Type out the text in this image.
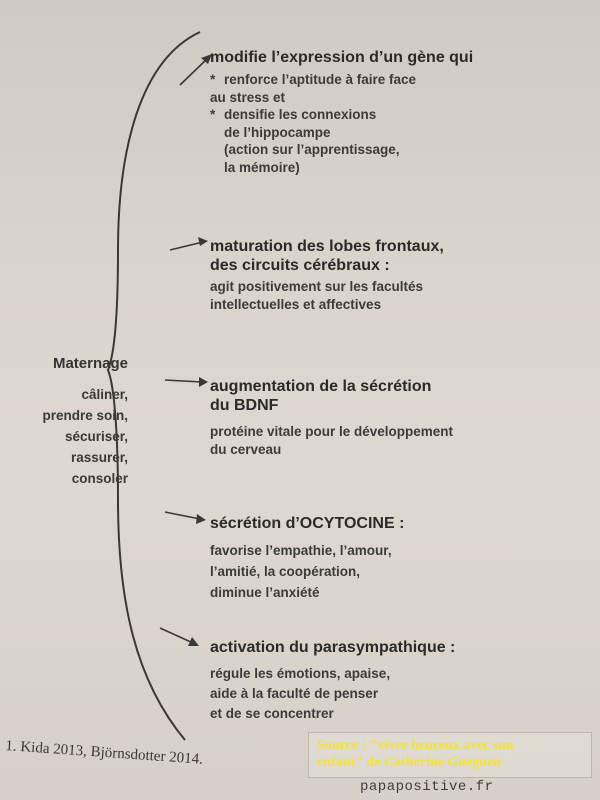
Maternage
câliner,
prendre soin,
sécuriser,
rassurer,
consoler
modifie l’expression d’un gène qui
* renforce l’aptitude à faire face
au stress et
* densifie les connexions
de l’hippocampe
(action sur l’apprentissage,
la mémoire)
maturation des lobes frontaux,
des circuits cérébraux :

agit positivement sur les facultés
intellectuelles et affectives

augmentation de la sécrétion
du BDNF

protéine vitale pour le développement
du cerveau

sécrétion d’OCYTOCINE :

favorise l’empathie, l’amour,
l’amitié, la coopération,
diminue l’anxiété

activation du parasympathique :

régule les émotions, apaise,
aide à la faculté de penser
et de se concentrer

1. Kida 2013, Björnsdotter 2014.	Source : "vivre heureux avec son
enfant" de Catherine Gueguen
papapositive.fr
